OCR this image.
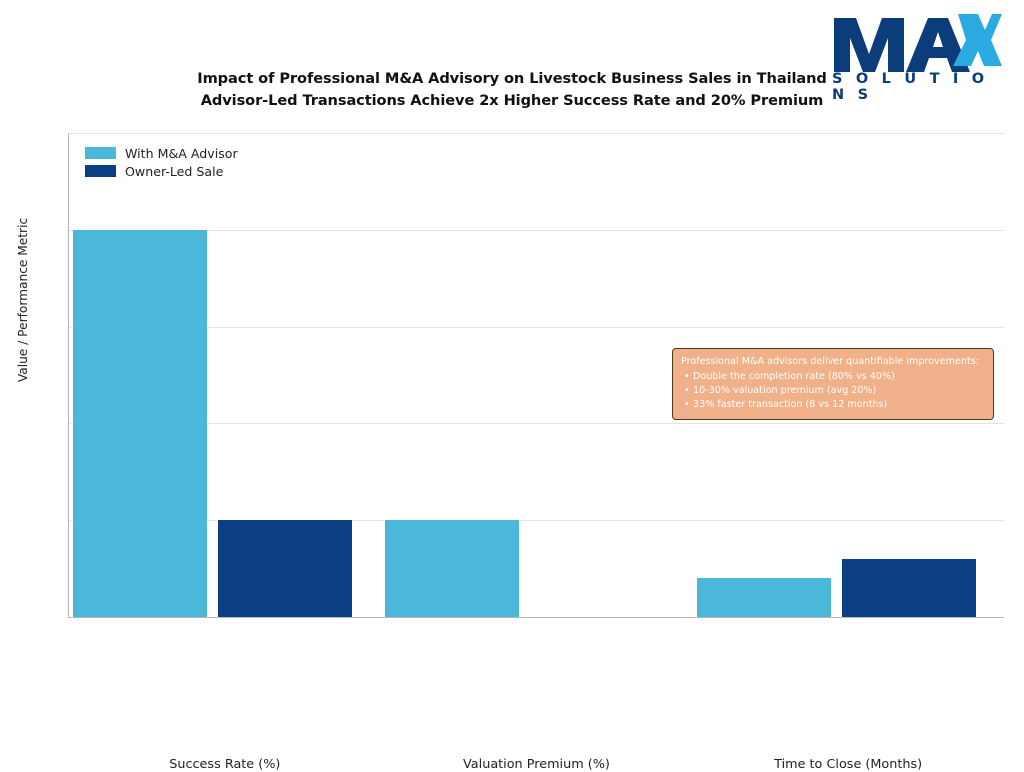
S O L U T I O N S
Impact of Professional M&A Advisory on Livestock Business Sales in Thailand
Advisor-Led Transactions Achieve 2x Higher Success Rate and 20% Premium
Success Rate (%)	Valuation Premium (%)	Time to Close (Months)
Value / Performance Metric
With M&A Advisor
Owner-Led Sale
Professional M&A advisors deliver quantifiable improvements:
• Double the completion rate (80% vs 40%)
• 10-30% valuation premium (avg 20%)
• 33% faster transaction (8 vs 12 months)
